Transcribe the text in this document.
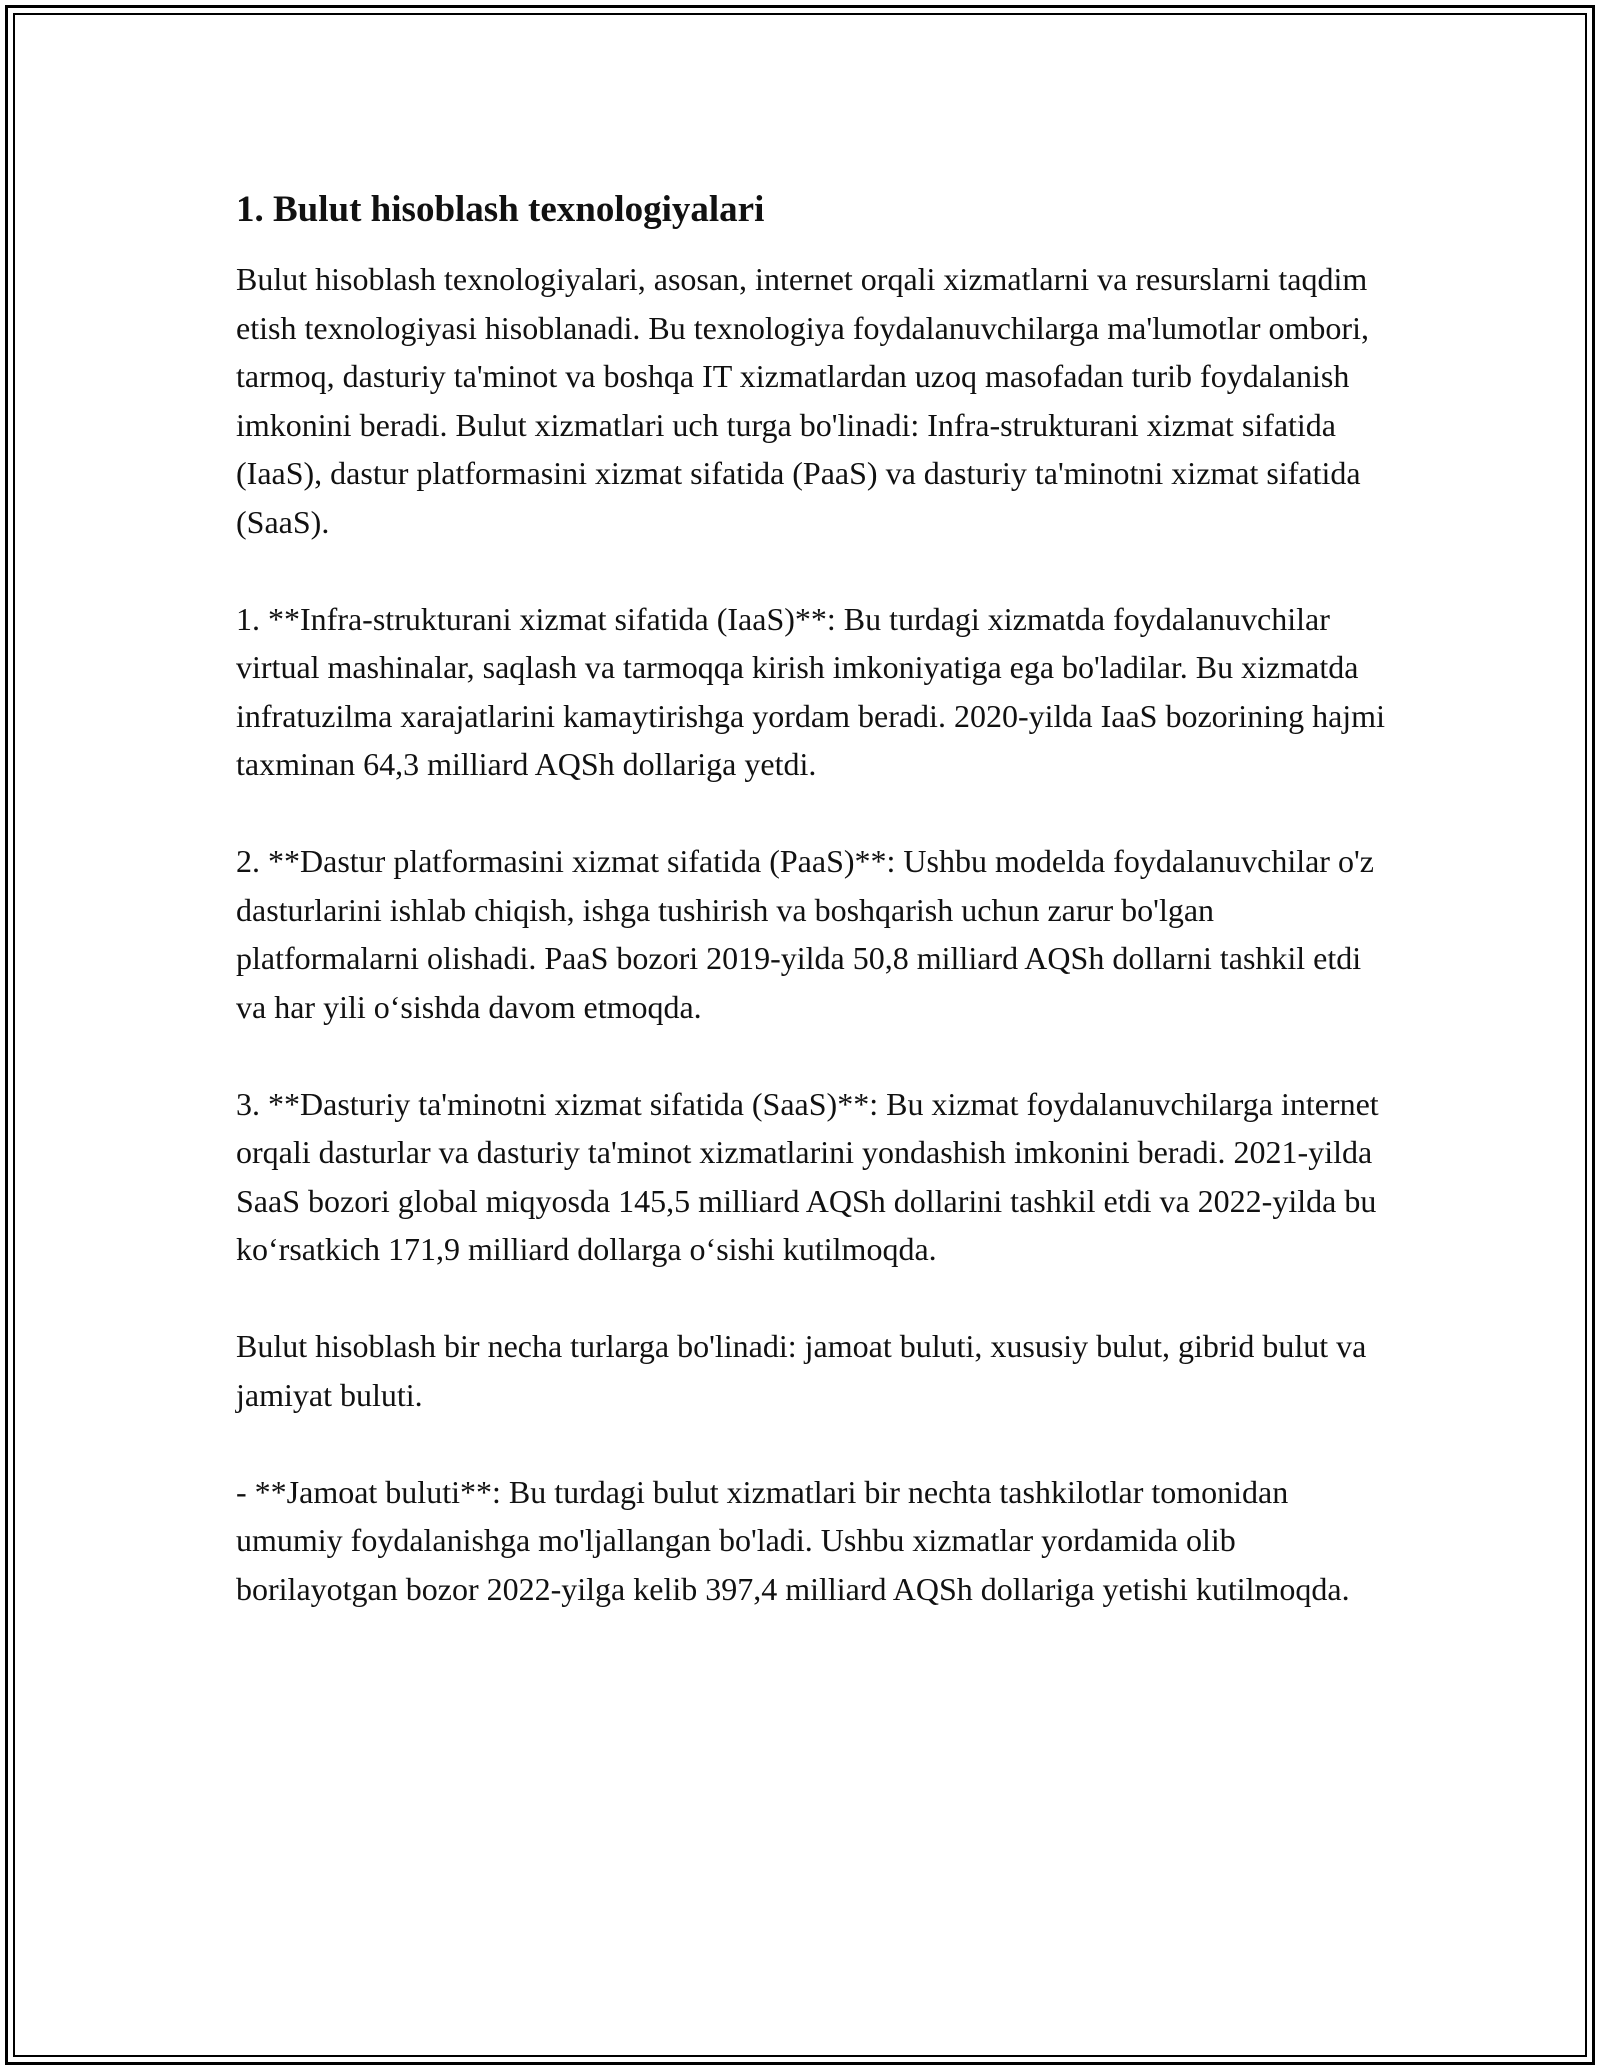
1. Bulut hisoblash texnologiyalari

Bulut hisoblash texnologiyalari, asosan, internet orqali xizmatlarni va resurslarni taqdim etish texnologiyasi hisoblanadi. Bu texnologiya foydalanuvchilarga ma'lumotlar ombori, tarmoq, dasturiy ta'minot va boshqa IT xizmatlardan uzoq masofadan turib foydalanish imkonini beradi. Bulut xizmatlari uch turga bo'linadi: Infra-strukturani xizmat sifatida (IaaS), dastur platformasini xizmat sifatida (PaaS) va dasturiy ta'minotni xizmat sifatida (SaaS).

1. **Infra-strukturani xizmat sifatida (IaaS)**: Bu turdagi xizmatda foydalanuvchilar virtual mashinalar, saqlash va tarmoqqa kirish imkoniyatiga ega bo'ladilar. Bu xizmatda infratuzilma xarajatlarini kamaytirishga yordam beradi. 2020-yilda IaaS bozorining hajmi taxminan 64,3 milliard AQSh dollariga yetdi.

2. **Dastur platformasini xizmat sifatida (PaaS)**: Ushbu modelda foydalanuvchilar o'z dasturlarini ishlab chiqish, ishga tushirish va boshqarish uchun zarur bo'lgan platformalarni olishadi. PaaS bozori 2019-yilda 50,8 milliard AQSh dollarni tashkil etdi va har yili o‘sishda davom etmoqda.

3. **Dasturiy ta'minotni xizmat sifatida (SaaS)**: Bu xizmat foydalanuvchilarga internet orqali dasturlar va dasturiy ta'minot xizmatlarini yondashish imkonini beradi. 2021-yilda SaaS bozori global miqyosda 145,5 milliard AQSh dollarini tashkil etdi va 2022-yilda bu ko‘rsatkich 171,9 milliard dollarga o‘sishi kutilmoqda.

Bulut hisoblash bir necha turlarga bo'linadi: jamoat buluti, xususiy bulut, gibrid bulut va jamiyat buluti.

- **Jamoat buluti**: Bu turdagi bulut xizmatlari bir nechta tashkilotlar tomonidan umumiy foydalanishga mo'ljallangan bo'ladi. Ushbu xizmatlar yordamida olib borilayotgan bozor 2022-yilga kelib 397,4 milliard AQSh dollariga yetishi kutilmoqda.
